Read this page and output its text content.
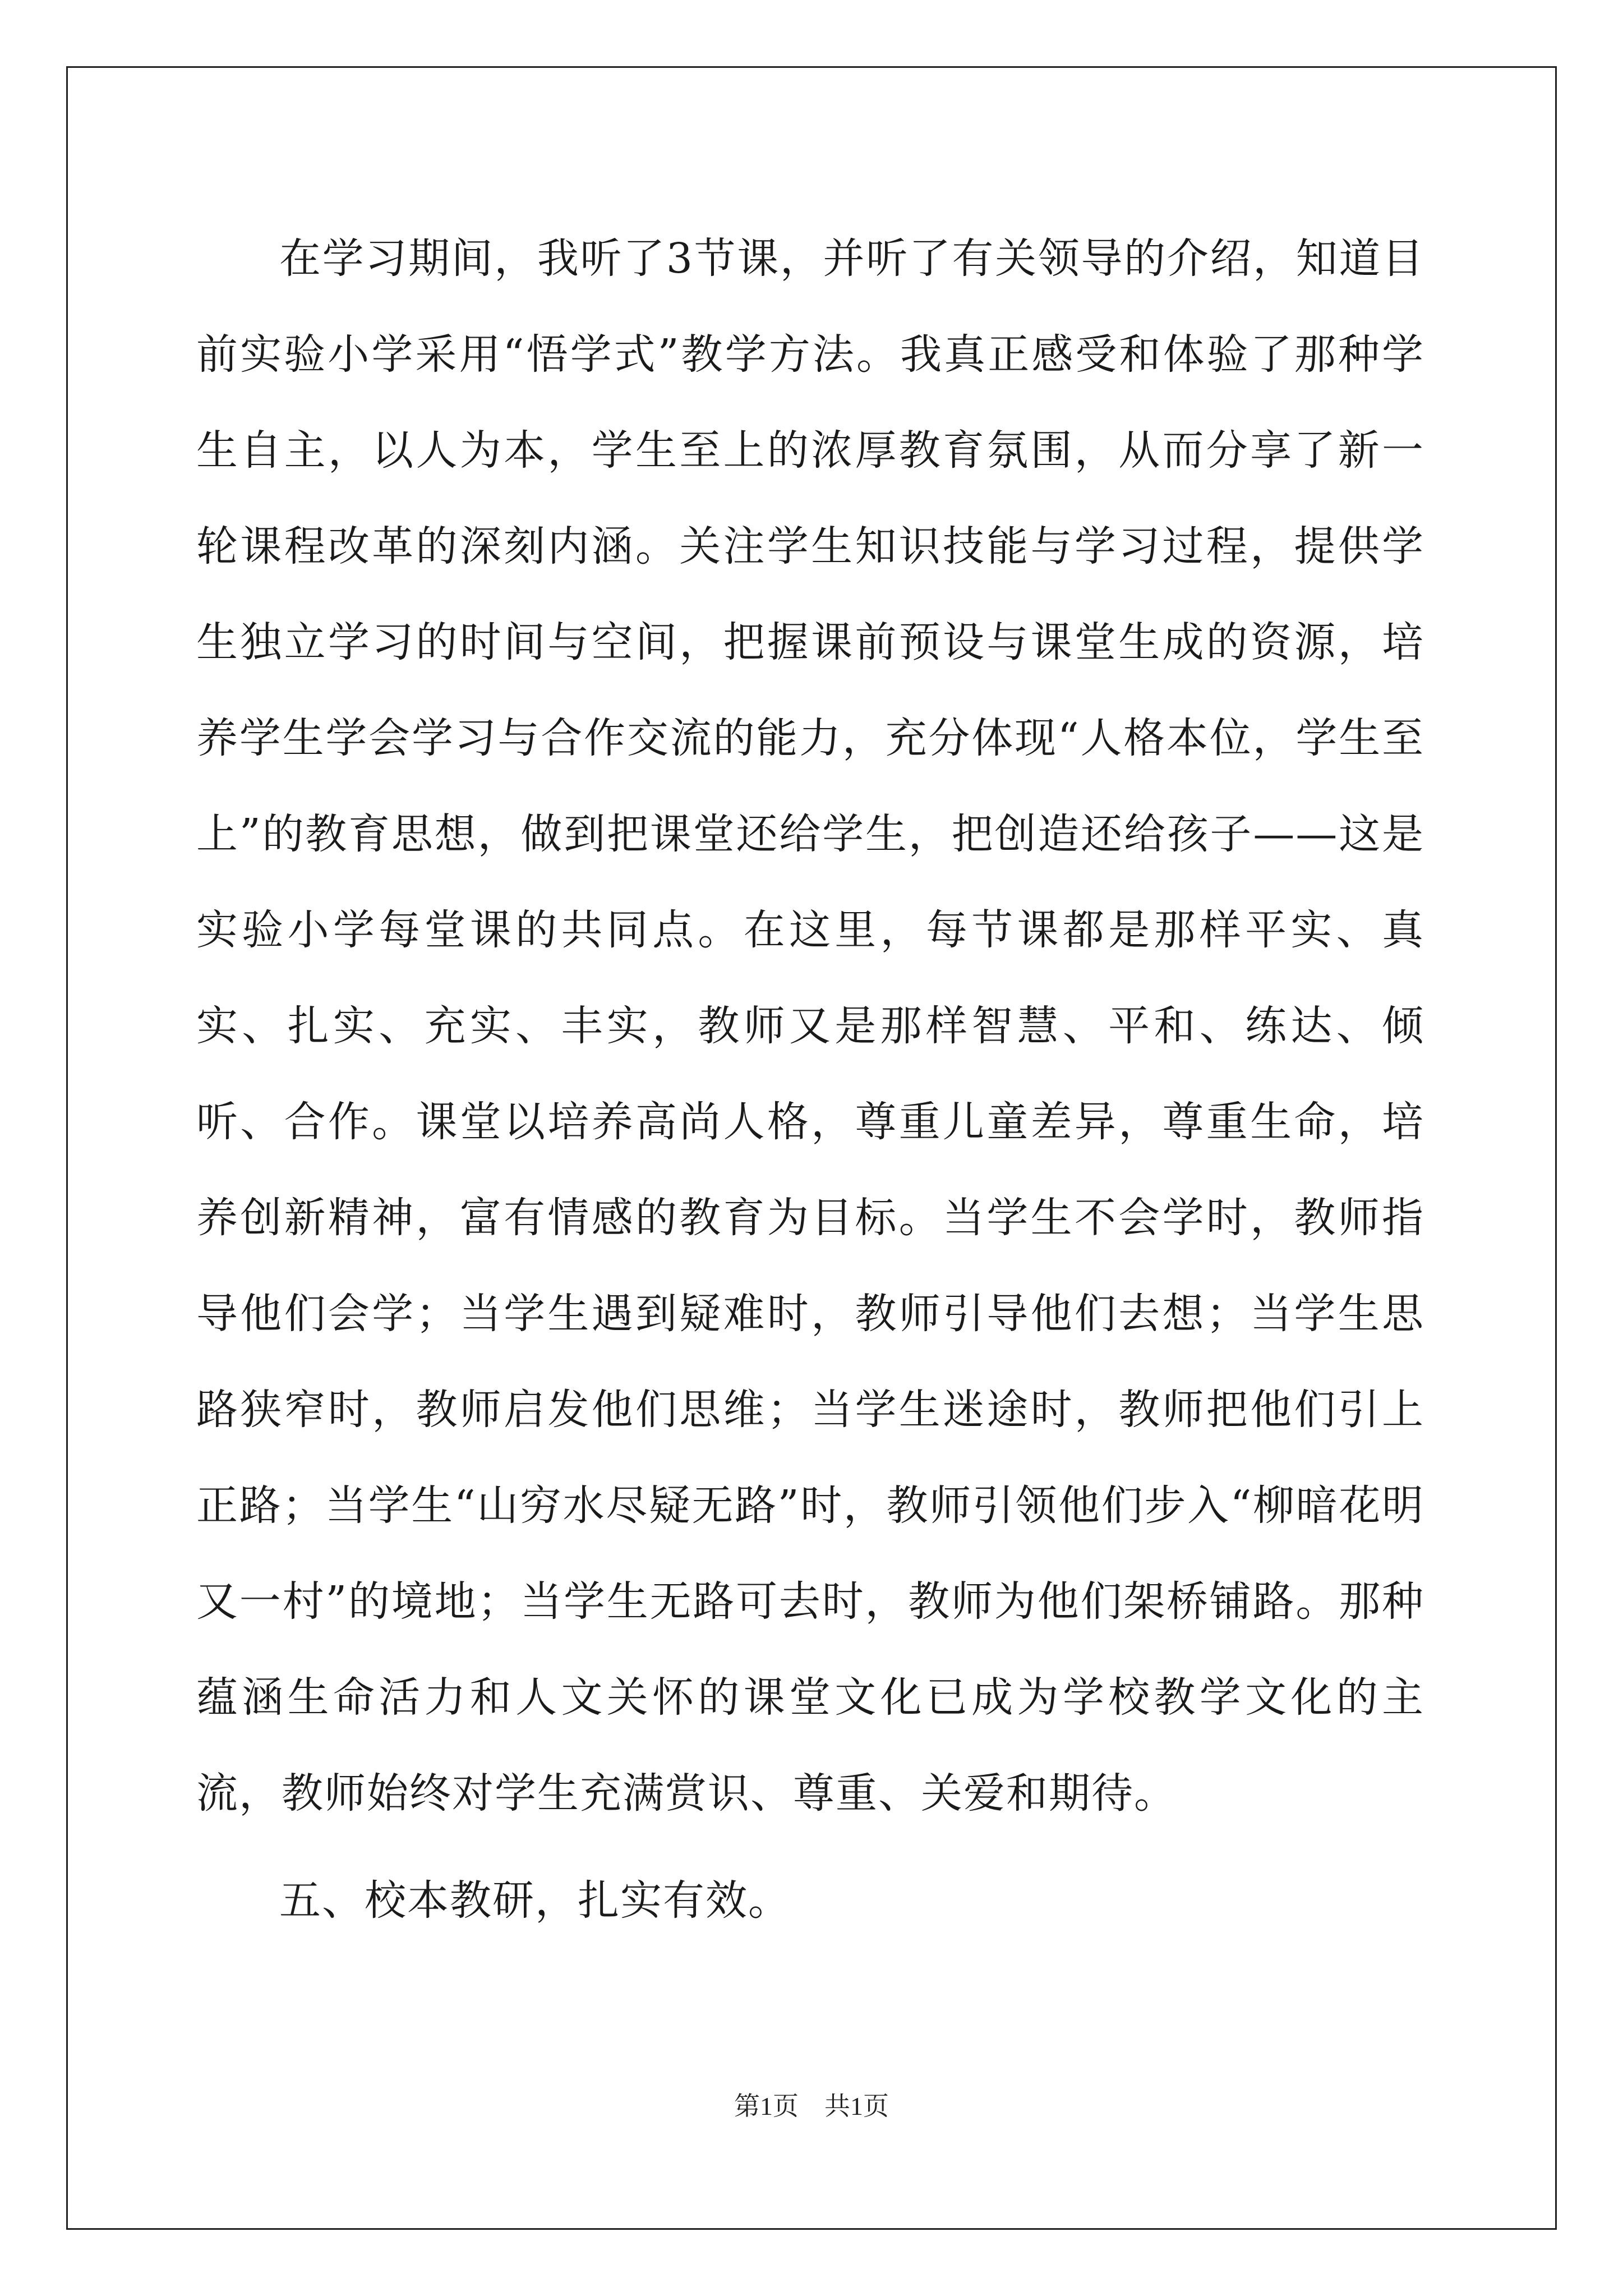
在学习期间，我听了3节课，并听了有关领导的介绍，知道目前实验小学采用“悟学式”教学方法。我真正感受和体验了那种学生自主，以人为本，学生至上的浓厚教育氛围，从而分享了新一轮课程改革的深刻内涵。关注学生知识技能与学习过程，提供学生独立学习的时间与空间，把握课前预设与课堂生成的资源，培养学生学会学习与合作交流的能力，充分体现“人格本位，学生至上”的教育思想，做到把课堂还给学生，把创造还给孩子——这是实验小学每堂课的共同点。在这里，每节课都是那样平实、真实、扎实、充实、丰实，教师又是那样智慧、平和、练达、倾听、合作。课堂以培养高尚人格，尊重儿童差异，尊重生命，培养创新精神，富有情感的教育为目标。当学生不会学时，教师指导他们会学；当学生遇到疑难时，教师引导他们去想；当学生思路狭窄时，教师启发他们思维；当学生迷途时，教师把他们引上正路；当学生“山穷水尽疑无路”时，教师引领他们步入“柳暗花明又一村”的境地；当学生无路可去时，教师为他们架桥铺路。那种蕴涵生命活力和人文关怀的课堂文化已成为学校教学文化的主流，教师始终对学生充满赏识、尊重、关爱和期待。

五、校本教研，扎实有效。

第1页　共1页
